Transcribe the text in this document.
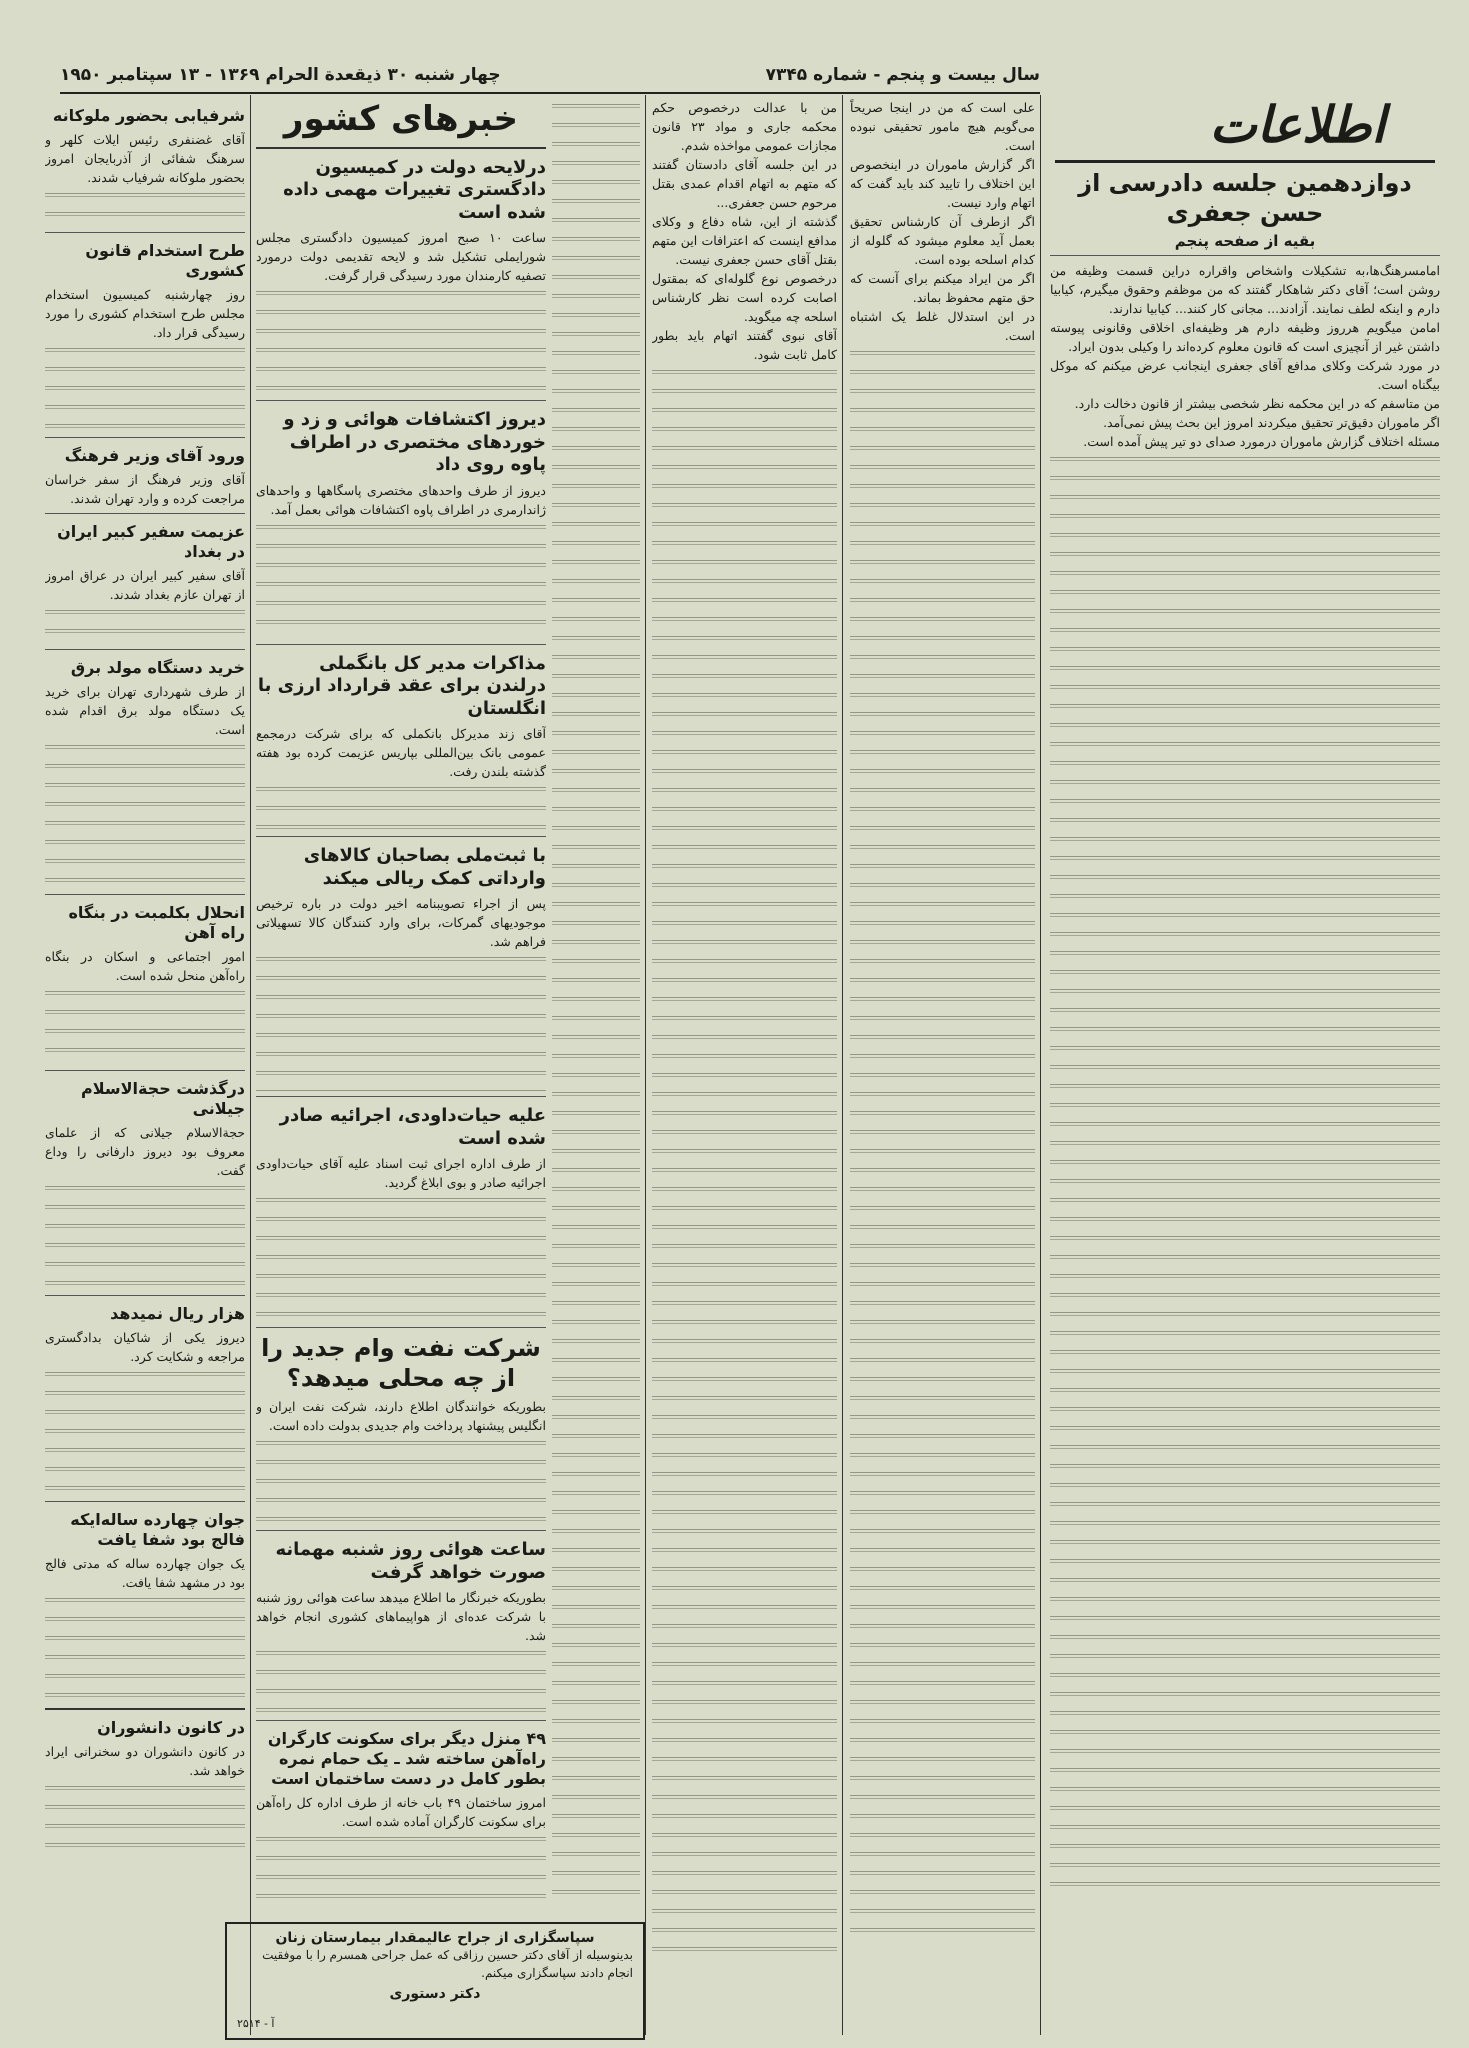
سال بیست و پنجم - شماره ۷۳۴۵
چهار شنبه ۳۰ ذیقعدة الحرام ۱۳۶۹ - ۱۳ سپتامبر ۱۹۵۰
اطلاعات
دوازدهمین جلسه دادرسی از حسن جعفری
بقیه از صفحه پنجم

امامسرهنگ‌ها،به تشکیلات واشخاص واقراره دراین قسمت وظیفه من روشن است؛ آقای دکتر شاهکار گفتند که من موظفم وحقوق میگیرم، کیابیا دارم و اینکه لطف نمایند. آزادند... مجانی کار کنند... کیابیا ندارند.

امامن میگویم هرروز وظیفه دارم هر وظیفه‌ای اخلاقی وقانونی پیوسته داشتن غیر از آنچیزی است که قانون معلوم کرده‌اند را وکیلی بدون ایراد.

در مورد شرکت وکلای مدافع آقای جعفری اینجانب عرض میکنم که موکل بیگناه است.

من متاسفم که در این محکمه نظر شخصی بیشتر از قانون دخالت دارد.

اگر ماموران دقیق‌تر تحقیق میکردند امروز این بحث پیش نمی‌آمد.

مسئله اختلاف گزارش ماموران درمورد صدای دو تیر پیش آمده است.

علی است که من در اینجا صریحاً می‌گویم هیچ مامور تحقیقی نبوده است.

اگر گزارش ماموران در اینخصوص این اختلاف را تایید کند باید گفت که اتهام وارد نیست.

اگر ازطرف آن کارشناس تحقیق بعمل آید معلوم میشود که گلوله از کدام اسلحه بوده است.

اگر من ایراد میکنم برای آنست که حق متهم محفوظ بماند.

در این استدلال غلط یک اشتباه است.

من با عدالت درخصوص حکم محکمه جاری و مواد ۲۳ قانون مجازات عمومی مواخذه شدم.

در این جلسه آقای دادستان گفتند که متهم به اتهام اقدام عمدی بقتل مرحوم حسن جعفری...

گذشته از این، شاه دفاع و وکلای مدافع اینست که اعترافات این متهم بقتل آقای حسن جعفری نیست.

درخصوص نوع گلوله‌ای که بمقتول اصابت کرده است نظر کارشناس اسلحه چه میگوید.

آقای نبوی گفتند اتهام باید بطور کامل ثابت شود.

خبرهای کشور
درلایحه دولت در کمیسیون دادگستری تغییرات مهمی داده شده است

ساعت ۱۰ صبح امروز کمیسیون دادگستری مجلس شورایملی تشکیل شد و لایحه تقدیمی دولت درمورد تصفیه کارمندان مورد رسیدگی قرار گرفت.

دیروز اکتشافات هوائی و زد و خوردهای مختصری در اطراف پاوه روی داد

دیروز از طرف واحدهای مختصری پاسگاهها و واحدهای ژاندارمری در اطراف پاوه اکتشافات هوائی بعمل آمد.

مذاکرات مدیر کل بانگملی درلندن برای عقد قرارداد ارزی با انگلستان

آقای زند مدیرکل بانکملی که برای شرکت درمجمع عمومی بانک بین‌المللی بپاریس عزیمت کرده بود هفته گذشته بلندن رفت.

با ثبت‌ملی بصاحبان کالاهای وارداتی کمک ریالی میکند

پس از اجراء تصویبنامه اخیر دولت در باره ترخیص موجودیهای گمرکات، برای وارد کنندگان کالا تسهیلاتی فراهم شد.

علیه حیات‌داودی، اجرائیه صادر شده است

از طرف اداره اجرای ثبت اسناد علیه آقای حیات‌داودی اجرائیه صادر و بوی ابلاغ گردید.

شرکت نفت وام جدید را از چه محلی میدهد؟

بطوریکه خوانندگان اطلاع دارند، شرکت نفت ایران و انگلیس پیشنهاد پرداخت وام جدیدی بدولت داده است.

ساعت هوائی روز شنبه مهمانه صورت خواهد گرفت

بطوریکه خبرنگار ما اطلاع میدهد ساعت هوائی روز شنبه با شرکت عده‌ای از هواپیماهای کشوری انجام خواهد شد.

۴۹ منزل دیگر برای سکونت کارگران راه‌آهن ساخته شد ـ یک حمام نمره بطور کامل در دست ساختمان است

امروز ساختمان ۴۹ باب خانه از طرف اداره کل راه‌آهن برای سکونت کارگران آماده شده است.

سپاسگزاری از جراح عالیمقدار بیمارستان زنان
بدینوسیله از آقای دکتر حسین رزاقی که عمل جراحی همسرم را با موفقیت انجام دادند سپاسگزاری میکنم.
دکتر دستوری
آ - ۲۵۱۴
شرفیابی بحضور ملوکانه

آقای غضنفری رئیس ایلات کلهر و سرهنگ شفائی از آذربایجان امروز بحضور ملوکانه شرفیاب شدند.

طرح استخدام قانون کشوری

روز چهارشنبه کمیسیون استخدام مجلس طرح استخدام کشوری را مورد رسیدگی قرار داد.

ورود آقای وزیر فرهنگ

آقای وزیر فرهنگ از سفر خراسان مراجعت کرده و وارد تهران شدند.

عزیمت سفیر کبیر ایران در بغداد

آقای سفیر کبیر ایران در عراق امروز از تهران عازم بغداد شدند.

خرید دستگاه مولد برق

از طرف شهرداری تهران برای خرید یک دستگاه مولد برق اقدام شده است.

انحلال بکلمبت در بنگاه راه آهن

امور اجتماعی و اسکان در بنگاه راه‌آهن منحل شده است.

درگذشت حجة‌الاسلام جیلانی

حجة‌الاسلام جیلانی که از علمای معروف بود دیروز دارفانی را وداع گفت.

هزار ریال نمیدهد

دیروز یکی از شاکیان بدادگستری مراجعه و شکایت کرد.

جوان چهارده ساله‌ایکه فالج بود شفا یافت

یک جوان چهارده ساله که مدتی فالج بود در مشهد شفا یافت.

در کانون دانشوران

در کانون دانشوران دو سخنرانی ایراد خواهد شد.
